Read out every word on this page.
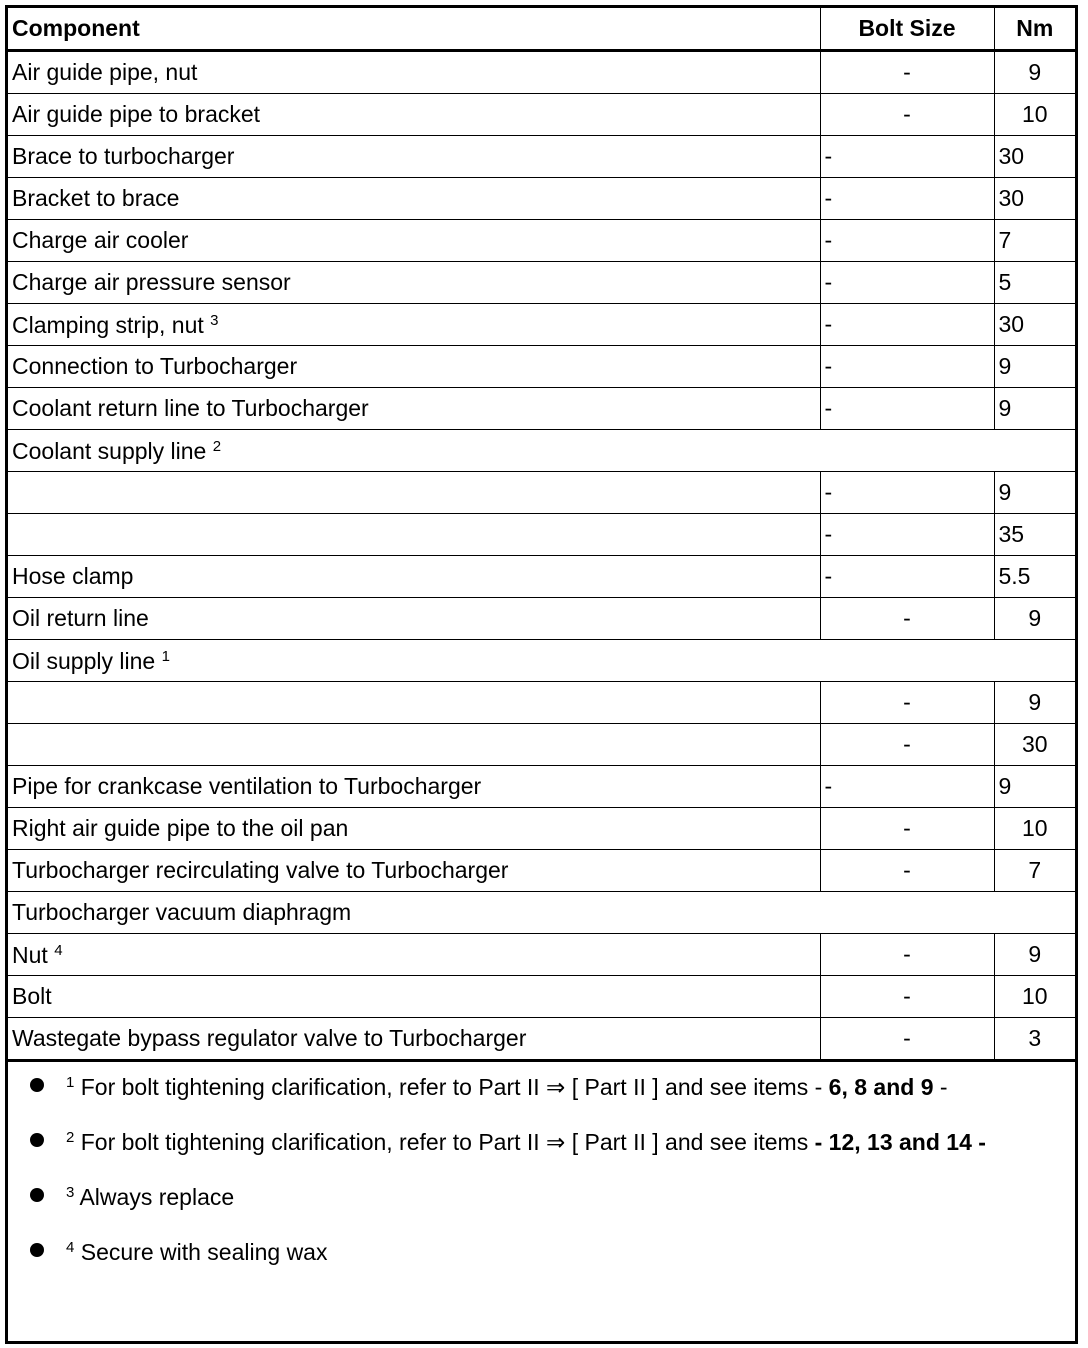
Component	Bolt Size	Nm
Air guide pipe, nut	-	9
Air guide pipe to bracket	-	10
Brace to turbocharger	-	30
Bracket to brace	-	30
Charge air cooler	-	7
Charge air pressure sensor	-	5
Clamping strip, nut $^3$	-	30
Connection to Turbocharger	-	9
Coolant return line to Turbocharger	-	9
Coolant supply line $^2$
	-	9
	-	35
Hose clamp	-	5.5
Oil return line	-	9
Oil supply line $^1$
	-	9
	-	30
Pipe for crankcase ventilation to Turbocharger	-	9
Right air guide pipe to the oil pan	-	10
Turbocharger recirculating valve to Turbocharger	-	7
Turbocharger vacuum diaphragm		
Nut $^4$	-	9
Bolt	-	10
Wastegate bypass regulator valve to Turbocharger	-	3
$^1$ For bolt tightening clarification, refer to Part II ⇒ [ Part II ] and see items - 6, 8 and 9 -
$^2$ For bolt tightening clarification, refer to Part II ⇒ [ Part II ] and see items - 12, 13 and 14 -
$^3$ Always replace
$^4$ Secure with sealing wax
